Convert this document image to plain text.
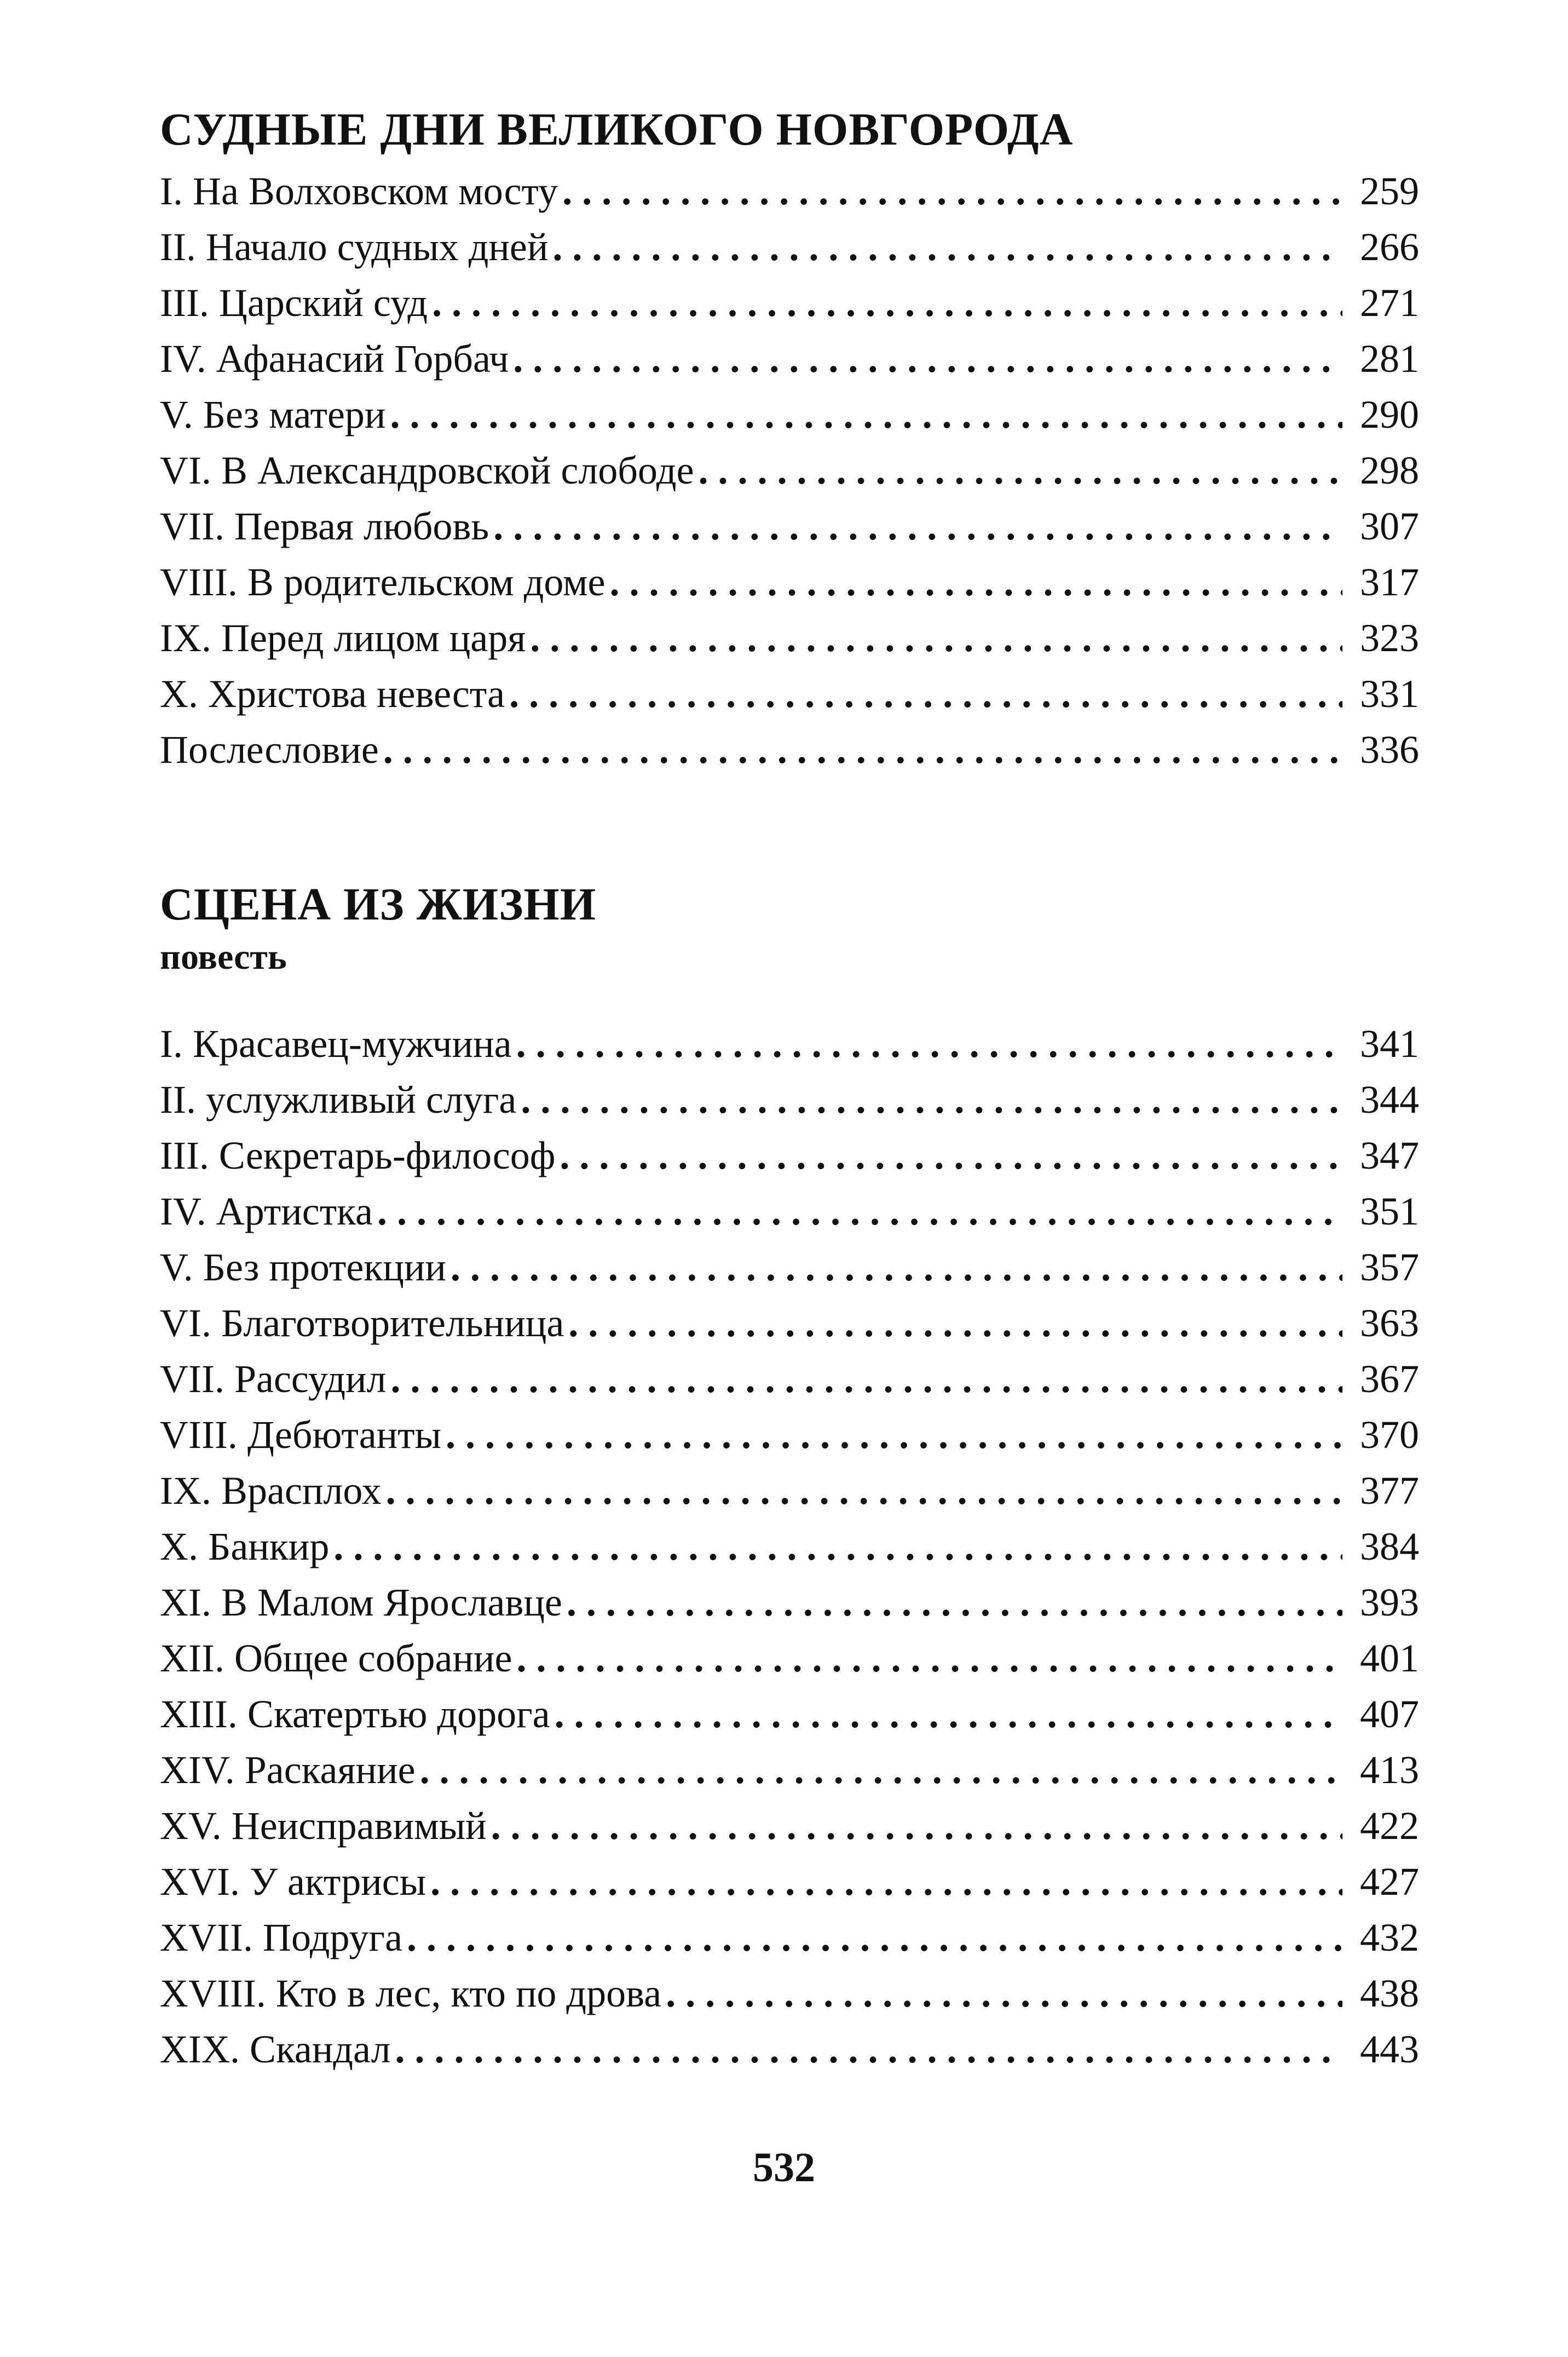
СУДНЫЕ ДНИ ВЕЛИКОГО НОВГОРОДА
I. На Волховском мосту . . .	259
II. Начало судных дней . . .	266
III. Царский суд . . .	271
IV. Афанасий Горбач . . .	281
V. Без матери . . .	290
VI. В Александровской слободе . . .	298
VII. Первая любовь . . .	307
VIII. В родительском доме . . .	317
IX. Перед лицом царя . . .	323
X. Христова невеста . . .	331
Послесловие . . .	336
СЦЕНА ИЗ ЖИЗНИ
повесть
I. Красавец-мужчина . . .	341
II. услужливый слуга . . .	344
III. Секретарь-философ . . .	347
IV. Артистка . . .	351
V. Без протекции . . .	357
VI. Благотворительница . . .	363
VII. Рассудил . . .	367
VIII. Дебютанты . . .	370
IX. Врасплох . . .	377
X. Банкир . . .	384
XI. В Малом Ярославце . . .	393
XII. Общее собрание . . .	401
XIII. Скатертью дорога . . .	407
XIV. Раскаяние . . .	413
XV. Неисправимый . . .	422
XVI. У актрисы . . .	427
XVII. Подруга . . .	432
XVIII. Кто в лес, кто по дрова . . .	438
XIX. Скандал . . .	443
532
